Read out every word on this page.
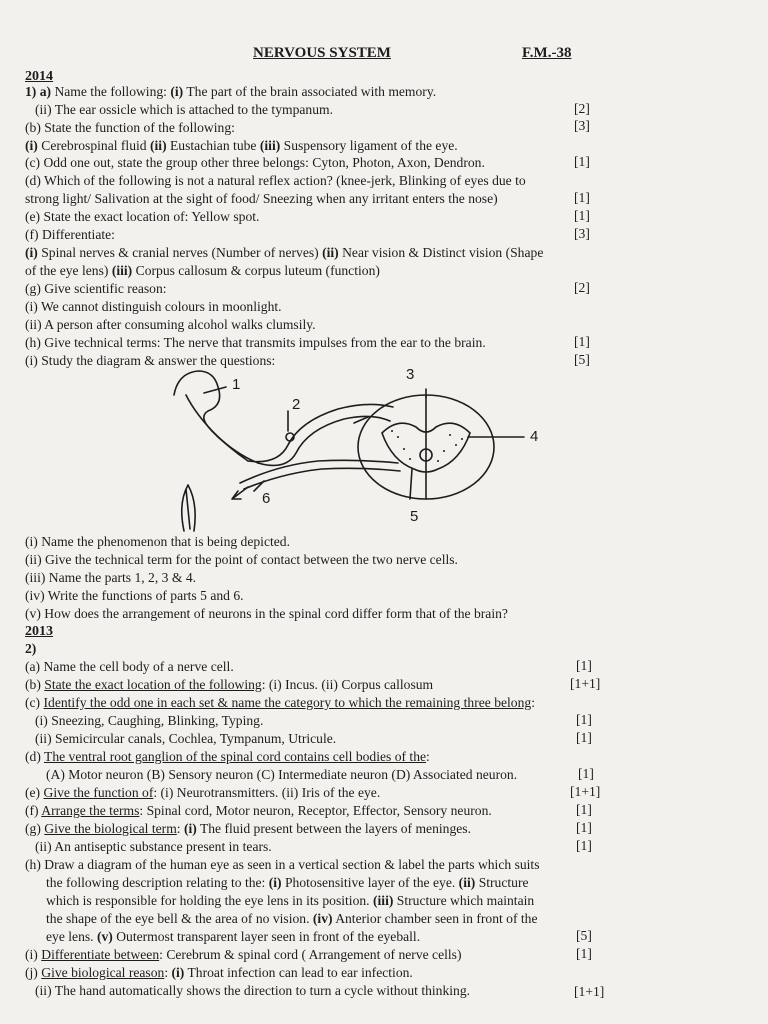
NERVOUS SYSTEM	F.M.-38
2014
1) a) Name the following: (i) The part of the brain associated with memory.
(ii) The ear ossicle which is attached to the tympanum.	[2]
(b) State the function of the following:	[3]
(i) Cerebrospinal fluid (ii) Eustachian tube (iii) Suspensory ligament of the eye.
(c) Odd one out, state the group other three belongs: Cyton, Photon, Axon, Dendron.	[1]
(d) Which of the following is not a natural reflex action? (knee-jerk, Blinking of eyes due to
strong light/ Salivation at the sight of food/ Sneezing when any irritant enters the nose)	[1]
(e) State the exact location of: Yellow spot.	[1]
(f) Differentiate:	[3]
(i) Spinal nerves & cranial nerves (Number of nerves) (ii) Near vision & Distinct vision (Shape
of the eye lens) (iii) Corpus callosum & corpus luteum (function)
(g) Give scientific reason:	[2]
(i) We cannot distinguish colours in moonlight.
(ii) A person after consuming alcohol walks clumsily.
(h) Give technical terms: The nerve that transmits impulses from the ear to the brain.	[1]
(i) Study the diagram & answer the questions:	[5]
1
2
3
4
5
6
(i) Name the phenomenon that is being depicted.
(ii) Give the technical term for the point of contact between the two nerve cells.
(iii) Name the parts 1, 2, 3 & 4.
(iv) Write the functions of parts 5 and 6.
(v) How does the arrangement of neurons in the spinal cord differ form that of the brain?
2013
2)
(a) Name the cell body of a nerve cell.	[1]
(b) State the exact location of the following: (i) Incus. (ii) Corpus callosum	[1+1]
(c) Identify the odd one in each set & name the category to which the remaining three belong:
(i) Sneezing, Caughing, Blinking, Typing.	[1]
(ii) Semicircular canals, Cochlea, Tympanum, Utricule.	[1]
(d) The ventral root ganglion of the spinal cord contains cell bodies of the:
(A) Motor neuron (B) Sensory neuron (C) Intermediate neuron (D) Associated neuron.	[1]
(e) Give the function of: (i) Neurotransmitters. (ii) Iris of the eye.	[1+1]
(f) Arrange the terms: Spinal cord, Motor neuron, Receptor, Effector, Sensory neuron.	[1]
(g) Give the biological term: (i) The fluid present between the layers of meninges.	[1]
(ii) An antiseptic substance present in tears.	[1]
(h) Draw a diagram of the human eye as seen in a vertical section & label the parts which suits
the following description relating to the: (i) Photosensitive layer of the eye. (ii) Structure
which is responsible for holding the eye lens in its position. (iii) Structure which maintain
the shape of the eye bell & the area of no vision. (iv) Anterior chamber seen in front of the
eye lens. (v) Outermost transparent layer seen in front of the eyeball.	[5]
(i) Differentiate between: Cerebrum & spinal cord ( Arrangement of nerve cells)	[1]
(j) Give biological reason: (i) Throat infection can lead to ear infection.
(ii) The hand automatically shows the direction to turn a cycle without thinking.	[1+1]
